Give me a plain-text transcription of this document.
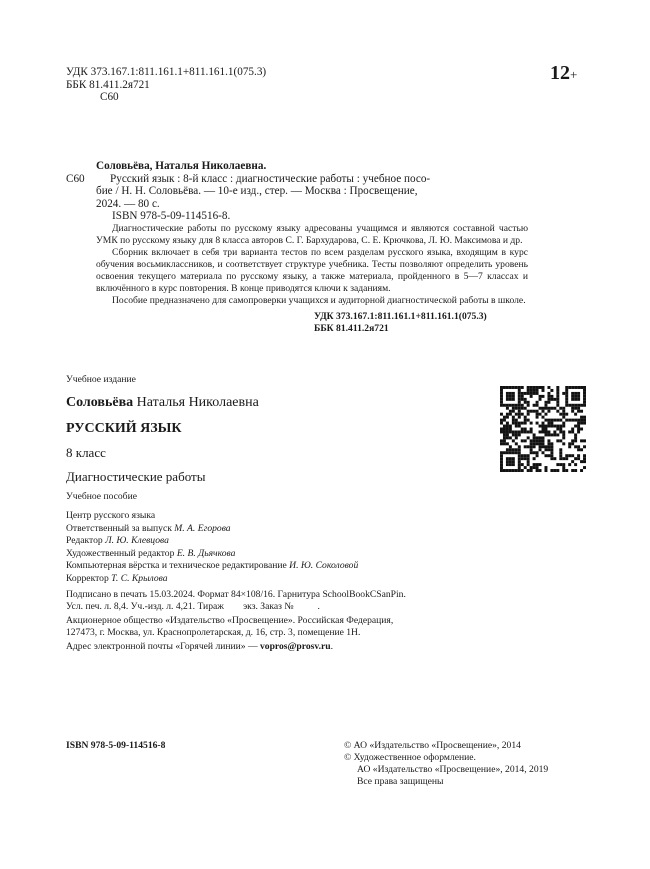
УДК 373.167.1:811.161.1+811.161.1(075.3)
ББК 81.411.2я721
С60
12+
Соловьёва, Наталья Николаевна.
С60 Русский язык : 8-й класс : диагностические работы : учебное посо-
бие / Н. Н. Соловьёва. — 10-е изд., стер. — Москва : Просвещение,
2024. — 80 с.
ISBN 978-5-09-114516-8.
Диагностические работы по русскому языку адресованы учащимся и являются составной частью УМК по русскому языку для 8 класса авторов С. Г. Бархударова, С. Е. Крючкова, Л. Ю. Максимова и др.
Сборник включает в себя три варианта тестов по всем разделам русского языка, входящим в курс обучения восьмиклассников, и соответствует структуре учебника. Тесты позволяют определить уровень освоения текущего материала по русскому языку, а также материала, пройденного в 5—7 классах и включённого в курс повторения. В конце приводятся ключи к заданиям.
Пособие предназначено для самопроверки учащихся и аудиторной диагностической работы в школе.
УДК 373.167.1:811.161.1+811.161.1(075.3)
ББК 81.411.2я721
Учебное издание
Соловьёва Наталья Николаевна
РУССКИЙ ЯЗЫК
8 класс
Диагностические работы
Учебное пособие
Центр русского языка
Ответственный за выпуск М. А. Егорова
Редактор Л. Ю. Клевцова
Художественный редактор Е. В. Дьячкова
Компьютерная вёрстка и техническое редактирование И. Ю. Соколовой
Корректор Т. С. Крылова
Подписано в печать 15.03.2024. Формат 84×108/16. Гарнитура SchoolBookCSanPin.
Усл. печ. л. 8,4. Уч.-изд. л. 4,21. Тираж        экз. Заказ №          .
Акционерное общество «Издательство «Просвещение». Российская Федерация,
127473, г. Москва, ул. Краснопролетарская, д. 16, стр. 3, помещение 1Н.
Адрес электронной почты «Горячей линии» — vopros@prosv.ru.
ISBN 978-5-09-114516-8	© АО «Издательство «Просвещение», 2014
© Художественное оформление.
АО «Издательство «Просвещение», 2014, 2019
Все права защищены
